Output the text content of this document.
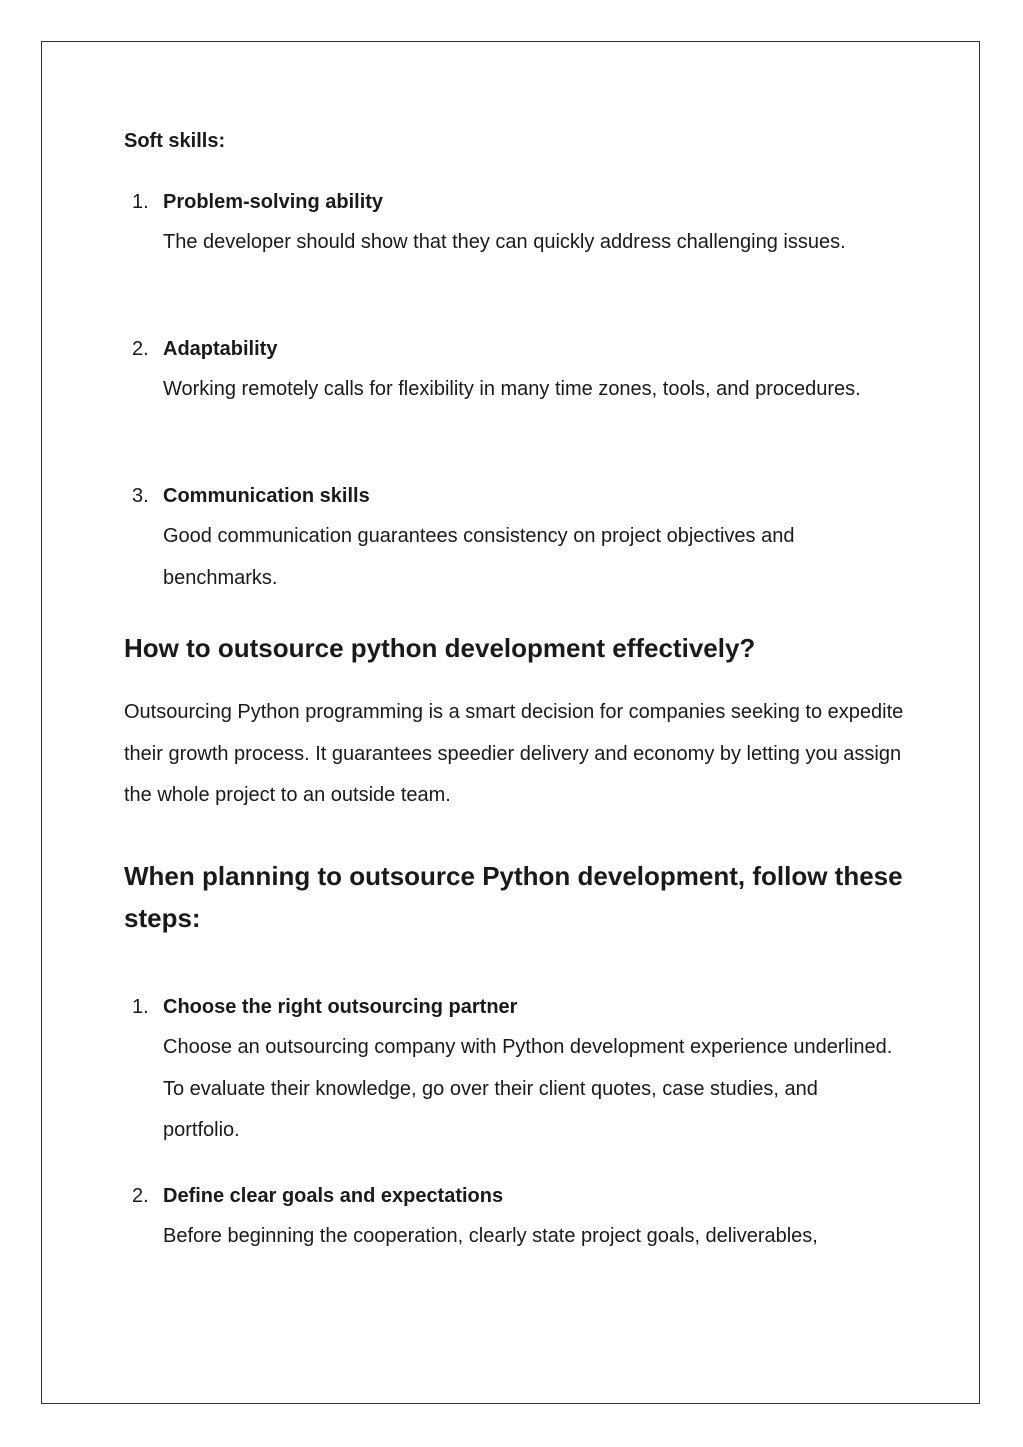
Soft skills:
1. Problem-solving ability
The developer should show that they can quickly address challenging issues.
2. Adaptability
Working remotely calls for flexibility in many time zones, tools, and procedures.
3. Communication skills
Good communication guarantees consistency on project objectives and benchmarks.
How to outsource python development effectively?
Outsourcing Python programming is a smart decision for companies seeking to expedite their growth process. It guarantees speedier delivery and economy by letting you assign the whole project to an outside team.
When planning to outsource Python development, follow these steps:
1. Choose the right outsourcing partner
Choose an outsourcing company with Python development experience underlined. To evaluate their knowledge, go over their client quotes, case studies, and portfolio.
2. Define clear goals and expectations
Before beginning the cooperation, clearly state project goals, deliverables,
